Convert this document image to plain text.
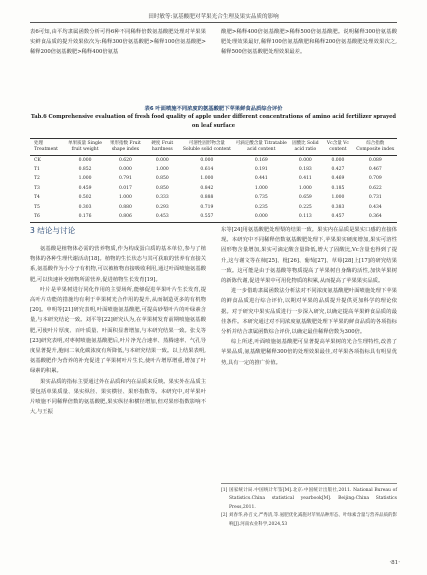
田时敏等:氨基酸肥对苹果光合生理及果实品质的影响

表6可知,由平均隶属函数分析可得6种不同稀释倍数氨基酸肥处理对苹果果实鲜食品质的提升效果依次为:稀释300倍氨基酸肥>稀释100倍氨基酸肥>稀释200倍氨基酸肥>稀释400倍氨基

酸肥>稀释400倍氨基酸肥>稀释500倍氨基酸肥。说明稀释300倍氨基酸肥处理效果最好,稀释100倍氨基酸肥和稀释200倍氨基酸肥处理效果次之,稀释500倍氨基酸肥处理效果最差。

表6 叶面喷施不同浓度的氨基酸肥下苹果鲜食品质综合评价
Tab.6 Comprehensive evaluation of fresh food quality of apple under different concentrations of amino acid fertilizer sprayed on leaf surface
处理 Treatment	单果质量 Single fruit weight	果形指数 Fruit shape index	硬度 Fruit hardness	可溶性固形物含量 Soluble solid content	可滴定酸含量 Titratable acid content	固酸比 Solid acid ratio	Vc含量 Vc content	综合指数 Composite index
CK	0.000	0.620	0.000	0.000	0.169	0.000	0.000	0.089
T1	0.852	0.000	1.000	0.614	0.191	0.183	0.427	0.467
T2	1.000	0.791	0.850	1.000	0.441	0.411	0.469	0.709
T3	0.459	0.017	0.850	0.842	1.000	1.000	0.185	0.622
T4	0.502	1.000	0.333	0.888	0.735	0.659	1.000	0.731
T5	0.303	0.880	0.293	0.719	0.235	0.225	0.383	0.434
T6	0.176	0.806	0.453	0.557	0.000	0.113	0.457	0.364
3 结论与讨论

氨基酸是植物体必需的营养物质,作为构成蛋白质的基本单位,参与了植物体的各种生理代谢活动[18]。植物的生长状态与其可获取的营养有直接关系,氨基酸作为小分子有机物,可以被植物直接吸收利用,通过叶面喷施氨基酸肥,可以快速补充植物所需营养,促进植物生长发育[19]。

叶片是苹果树进行同化作用的主要场所,能够促进苹果叶片生长发育,提高叶片功能的措施均有利于苹果树光合作用的提升,从而制造更多的有机物[20]。申明等[21]研究表明,叶面喷施氨基酸肥,可提高砂梨叶片的叶绿素含量,与本研究结论一致。刘平等[22]研究认为,在苹果树发育前期喷施氨基酸肥,可使叶片厚度、百叶质量、叶面积显著增加,与本研究结果一致。张戈等[23]研究表明,对枣树喷施氨基酸肥后,叶片净光合速率、蒸腾速率、气孔导度显著提升,胞间二氧化碳浓度有所降低,与本研究结果一致。以上结果表明,氨基酸肥作为营养的补充促进了苹果树叶片生长,使叶片增厚增重,增加了叶绿素的积累。

果实品质的指标主要通过外在品质和内在品质来反映。果实外在品质主要包括单果质量、果实纵径、果实横径、果形指数等。本研究中,对苹果叶片喷施不同稀释倍数的氨基酸肥,果实纵径和横径增加,但对果形指数影响不大,与王振

东等[24]用氨基酸肥处理梨的结果一致。果实内在品质是果实口感的直接体现。本研究中不同稀释倍数氨基酸肥处理下,苹果果实硬度增加,果实可溶性固形物含量增加,果实可滴定酸含量降低,增大了固酸比,Vc含量也得到了提升,这与谢文等在柿[25]、枇[26]、葡萄[27]、草莓[28]上[17]的研究结果一致。这可能是由于氨基酸等物质提高了苹果树自身酶的活性,加快苹果树的新陈代谢,促进苹果中可用化物质的积累,从而提高了苹果果实品质。

进一步借助隶属函数法分析法对不同浓度氨基酸肥叶面喷施处理下苹果的鲜食品质进行综合评价,以期对苹果的品质提升提供更加科学的理论依据。对于研究中果实品质进行一步深入研究,以确定提高苹果鲜食品质的最佳条件。本研究通过对不同浓度氨基酸肥处理下苹果的鲜食品质的各项指标分析并结合隶属函数综合评价,以确定最佳稀释倍数为300倍。

综上所述,叶面喷施氨基酸肥可显著提高苹果树的光合生理特性,改善了苹果品质,氨基酸肥稀释300倍的处理效果最佳,对苹果各项指标具有明显优势,具有一定的推广价值。

[1] 国家统计局.中国统计年鉴[M].北京:中国统计出版社,2011. National Bureau of Statistics.China statistical yearbook[M]. Beijing:China Statistics Press,2011.

[2] 刘春华,孙召文,严秀清,等.氨肥优化减施对苹果品种形态、叶绿素含量与营养品质的影响[J].河南农业科学,2024,53

·81·
